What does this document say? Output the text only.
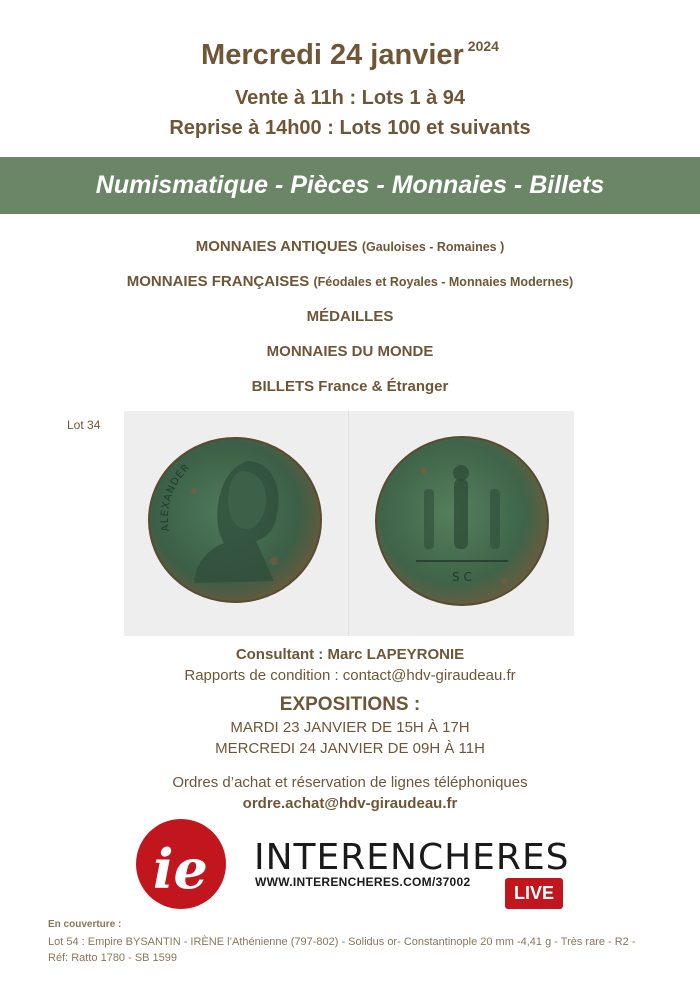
Mercredi 24 janvier $^{2024}$
Vente à 11h : Lots 1 à 94
Reprise à 14h00 : Lots 100 et suivants
Numismatique - Pièces - Monnaies - Billets
MONNAIES ANTIQUES (Gauloises - Romaines )
MONNAIES FRANÇAISES (Féodales et Royales - Monnaies Modernes)
MÉDAILLES
MONNAIES DU MONDE
BILLETS France & Étranger
Lot 34
ALEXANDER
S C
Consultant : Marc LAPEYRONIE
Rapports de condition : contact@hdv-giraudeau.fr
EXPOSITIONS :
MARDI 23 JANVIER DE 15H À 17H
MERCREDI 24 JANVIER DE 09H À 11H
Ordres d’achat et réservation de lignes téléphoniques
ordre.achat@hdv-giraudeau.fr
ie INTERENCHERES
WWW.INTERENCHERES.COM/37002
LIVE
En couverture :
Lot 54 : Empire BYSANTIN - IRÈNE l’Athénienne (797-802) - Solidus or- Constantinople 20 mm -4,41 g - Très rare - R2 - Réf: Ratto 1780 - SB 1599
